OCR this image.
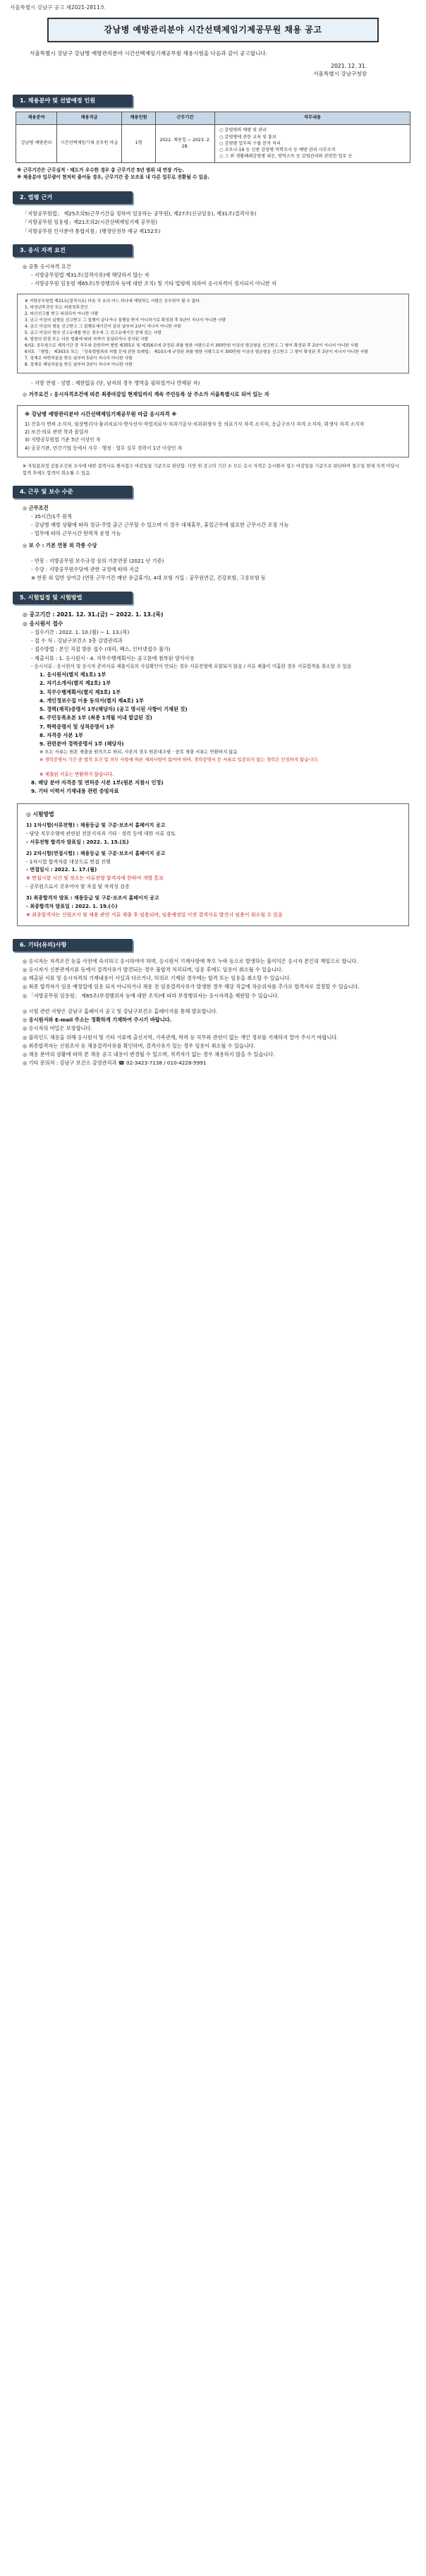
서울특별시 강남구 공고 제2021-2811호
강남병 예방관리분야 시간선택제임기제공무원 채용 공고
서울특별시 강남구 강남병 예방관리분야 시간선택제임기제공무원 채용시험을 다음과 같이 공고합니다.
2021. 12. 31.
서울특별시 강남구청장
1. 채용분야 및 선발예정 인원
채용분야	채용직급	채용인원	근무기간	직무내용
강남병 예방관리	시간선택제임기제 공무원 마급	1명	2022. 채용일 ~ 2023. 2. 28.	○ 감염병의 예방 및 관리
○ 감염병에 관한 교육 및 홍보
○ 감염병 업무의 수립 분석 처리
○ 코로나-19 등 신종 감염병 역학조사 등 예방 관리 사무조치
○ 그 외 생활폐쇄감염병 대응, 방역소독 등 감염관리와 관련한 업무 등

※ 근무기간은 근무실적 · 태도가 우수한 경우 총 근무기간 5년 범위 내 연장 가능.

※ 채용분야 업무량이 현저히 줄어들 경우, 근무기간 중 모조표 내 다른 업무로 전환될 수 있음.

2. 법령 근거
「지방공무원법」 제25조의5(근무기간을 정하여 임용하는 공무원), 제27조(신규임용), 제31조(결격사유)
「지방공무원 임용령」제21조의2(시간선택제임기제 공무원)
「지방공무원 인사분야 통합지침」(행정안전부 예규 제152호)
3. 응시 자격 요건
◎ 공통 응시자격 요건
- 지방공무원법 제31조(결격사유)에 해당하지 않는 자
- 지방공무원 임용령 제65조(부정행위자 등에 대한 조치) 및 기타 법령에 의하여 응시자격이 정지되지 아니한 자
※ 지방공무원법 제31조(결격사유) 다음 각 호의 어느 하나에 해당하는 사람은 공무원이 될 수 없다.
1. 피성년후견인 또는 피한정후견인
2. 파산선고를 받고 복권되지 아니한 사람
3. 금고 이상의 실형을 선고받고 그 집행이 끝나거나 집행을 받지 아니하기로 확정된 후 5년이 지나지 아니한 사람
4. 금고 이상의 형을 선고받고 그 집행유예기간이 끝난 날부터 2년이 지나지 아니한 사람
5. 금고 이상의 형의 선고유예를 받은 경우에 그 선고유예기간 중에 있는 사람
6. 법원의 판결 또는 다른 법률에 따라 자격이 상실되거나 정지된 사람
6의2. 공무원으로 재직기간 중 직무와 관련하여 형법 제355조 및 제356조에 규정된 죄를 범한 사람으로서 300만원 이상의 벌금형을 선고받고 그 형이 확정된 후 2년이 지나지 아니한 사람
6의3. 「형법」 제303조 또는 「성폭력범죄의 처벌 등에 관한 특례법」 제10조에 규정된 죄를 범한 사람으로서 300만원 이상의 벌금형을 선고받고 그 형이 확정된 후 3년이 지나지 아니한 사람
7. 징계로 파면처분을 받은 날부터 5년이 지나지 아니한 사람
8. 징계로 해임처분을 받은 날부터 3년이 지나지 아니한 사람
- 지방 연령 · 성별 : 제한없음 (단, 남자의 경우 병역을 필하였거나 면제된 자)
◎ 거주요건 : 응시자격조건에 따른 최종마감일 현재일까지 계속 주민등록 상 주소가 서울특별시로 되어 있는 자
※ 강남병 예방관리분야 시간선택제임기제공무원 마급 응시자격 ※
1) 간호사 면허 소지자, 임상병리사·물리치료사·방사선사·작업치료사·치과기공사·치과위생사 등 의료기사 자격 소지자, 응급구조사 자격 소지자, 위생사 자격 소지자
2) 보건·의료 관련 학과 졸업자
3) 지방공무원법 기준 5년 이상인 자
4) 공공기관, 민간기업 등에서 사무 · 행정 · 업무 실무 경력이 1년 이상인 자
※ 자일용과정 공통조건외 조사에 대한 결격사유 원서접수 마감일을 기준으로 판단함. 다만 위 공고의 기간 소 모든 응시 자격은 응시원서 접수 마감일을 기준으로 판단하며 접수일 현재 자격 미달시 합격 후에도 합격이 취소될 수 있음.
4. 근무 및 보수 수준
◎ 근무조건
- 35시간/1주 원칙
- 강남병 예방 상황에 따라 정규·주말 출근 근무할 수 있으며 이 경우 대체휴무, 휴일근무에 필요한 근무시간 조정 가능
- 업무에 따라 근무시간 탄력적 운영 가능
◎ 보 수 : 기본 연봉 외 각종 수당
- 연봉 : 지방공무원 보수규정 상의 기본연봉 (2021 년 기준)
- 수당 : 지방공무원수당에 관한 규정에 따라 지급
※ 연봉 외 일반 상여금 (연봉 근무기간 매년 유급휴가), 4대 보험 가입 : 공무원연금, 건강보험, 고용보험 등
5. 시험일정 및 시험방법
◎ 공고기간 : 2021. 12. 31.(금) ~ 2022. 1. 13.(목)
◎ 응시원서 접수
- 접수기간 : 2022. 1. 10.(월) ~ 1. 13.(목)
- 접 수 처 : 강남구보건소 3층 감염관리과
- 접수방법 : 본인 직접 방문 접수 (대리, 팩스, 인터넷접수 불가)
- 제출서류 : 1. 응시원서 - 4. 직무수행계획서는 공고문에 첨부된 양식사용
- 응시서류 : 응시원서 및 응시자 준비서류 제출서류의 사실확인이 안되는 경우 서류전형에 포함되지 않음 / 서류 제출이 미흡한 경우 서류합격을 취소할 수 있음
1. 응시원서(별지 제1호) 1부
2. 자기소개서(별지 제2호) 1부
3. 직무수행계획서(별지 제3호) 1부
4. 개인정보수집 이용 동의서(별지 제4호) 1부
5. 경력(재직)증명서 1부(해당자) (공고 명시된 사항이 기재된 것)
6. 주민등록초본 1부 (최종 1개월 이내 발급된 것)
7. 학력증명서 및 성적증명서 1부
8. 자격증 사본 1부
9. 관련분야 경력증명서 1부 (해당자)
※ 모든 서류는 원본 제출을 원칙으로 하되, 사본의 경우 원본대조필 · 중복 제출 서류는 반환하지 않음
※ 경력증명서 기간 중 법적 요건 및 의무 사항에 따른 제외사항이 없어야 하며, 경력증명서 등 서류로 입증되지 않는 경력은 인정하지 않습니다.
※ 제출된 서류는 반환하지 않습니다.
8. 배당 분야 자격증 및 면허증 사본 1부(원본 지참시 인정)
9. 기타 이력서 기재내용 관련 증빙자료
◎ 시험방법
1) 1차시험(서류전형) : 채용등급 및 구분·보조서 홈페이지 공고
- 담당 직무수행에 관련된 전문지식과 기타 · 경력 등에 대한 서류 검토
- 서류전형 합격자 발표일 : 2022. 1. 15.(토)
2) 2차시험(면접시험) : 채용등급 및 구분·보조서 홈페이지 공고
- 1차시험 합격자를 대상으로 면접 진행
- 면접일시 : 2022. 1. 17.(월)
※ 면접시험 시간 및 장소는 서류전형 합격자에 한하여 개별 통보
- 공무원으로서 갖추어야 할 자질 및 적격성 검증
3) 최종합격자 발표 : 채용등급 및 구분·보조서 홈페이지 공고
- 최종합격자 발표일 : 2022. 1. 19.(수)
※ 최종합격자는 신원조사 및 채용 관련 서류 제출 후 임용되며, 임용예정일 이전 결격사유 발견시 임용이 취소될 수 있음
6. 기타(유의)사항
◎ 응시자는 자격조건 등을 사전에 숙지하고 응시하여야 하며, 응시원서 기재사항에 착오 누락 등으로 발생하는 불이익은 응시자 본인의 책임으로 합니다.
◎ 응시자가 신분관계서류 등에서 결격사유가 발견되는 경우 불합격 처리되며, 임용 후에도 임용이 취소될 수 있습니다.
◎ 제출된 서류 및 응시자격의 기재내용이 사실과 다르거나, 허위로 기재된 경우에는 합격 또는 임용을 취소할 수 있습니다.
◎ 최종 합격자가 임용 예정일에 임용 되지 아니하거나 채용 전 임용결격사유가 발생한 경우 해당 직급에 차순위자를 추가로 합격자로 결정할 수 있습니다.
◎ 「지방공무원 임용령」 제65조(부정행위자 등에 대한 조치)에 따라 부정행위자는 응시자격을 제한할 수 있습니다.
◎ 시험 관련 사항은 강남구 홈페이지 공고 및 강남구보건소 홈페이지를 통해 발표합니다.
◎ 응시원서와 E-mail 주소는 정확하게 기재하여 주시기 바랍니다.
◎ 응시자의 비밀은 보장합니다.
◎ 블라인드 채용을 위해 응시원서 및 기타 서류에 출신지역, 가족관계, 학력 등 직무와 관련이 없는 개인 정보를 기재하지 말아 주시기 바랍니다.
◎ 최종합격자는 신원조사 등 채용결격사유를 확인하며, 결격사유가 있는 경우 임용이 취소될 수 있습니다.
◎ 채용 분야의 상황에 따라 본 채용 공고 내용이 변경될 수 있으며, 적격자가 없는 경우 채용하지 않을 수 있습니다.
◎ 기타 문의처 : 강남구 보건소 감염관리과 ☎ 02-3423-7138 / 010-4228-5991
